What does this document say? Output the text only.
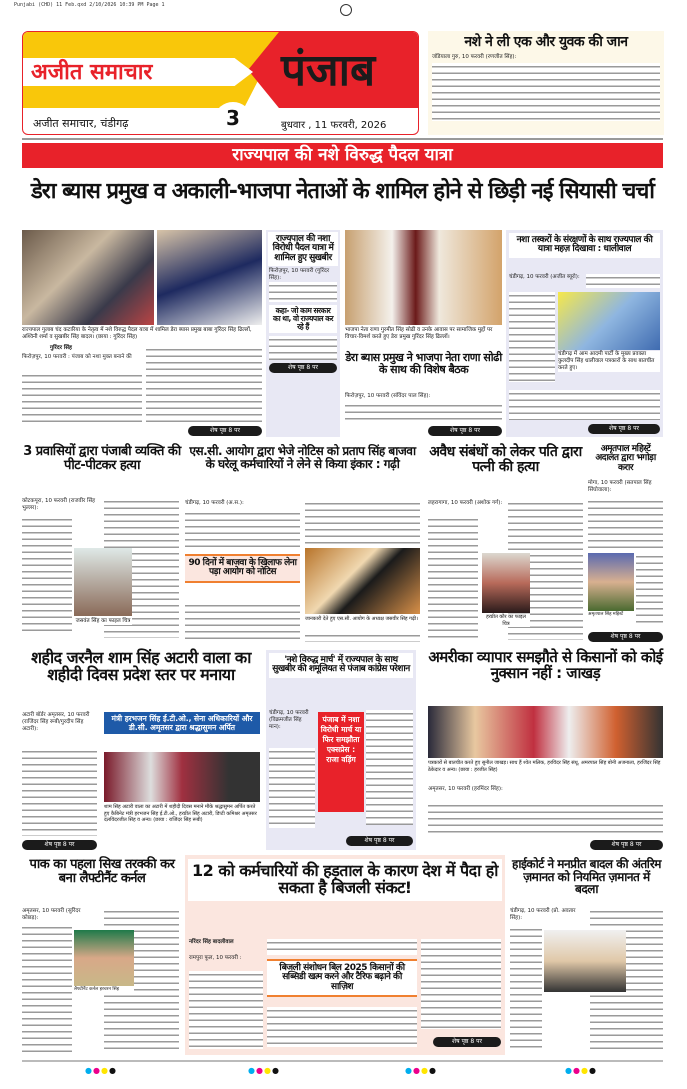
Punjabi (CHD) 11 Feb.qxd 2/10/2026 10:39 PM Page 1
अजीत समाचार	पंजाब
अजीत समाचार, चंडीगढ़	3	बुधवार , 11 फरवरी, 2026
नशे ने ली एक और युवक की जान
जंडियाला गुरु, 10 फरवरी (रणजीत सिंह):
राज्यपाल की नशे विरुद्ध पैदल यात्रा
डेरा ब्यास प्रमुख व अकाली-भाजपा नेताओं के शामिल होने से छिड़ी नई सियासी चर्चा
राज्यपाल गुलाब चंद कटारिया के नेतृत्व में नशे विरुद्ध पैदल यात्रा में शामिल डेरा ब्यास प्रमुख बाबा गुरिंदर सिंह ढिल्लों, अश्विनी शर्मा व सुखबीर सिंह बादल। (छाया : गुरिंदर सिंह)
गुरिंदर सिंह
फिरोज़पुर, 10 फरवरी : पंजाब को नशा मुक्त बनाने की
शेष पृष्ठ 8 पर
राज्यपाल की नशा विरोधी पैदल यात्रा में शामिल हुए सुखबीर
फिरोज़पुर, 10 फरवरी (गुरिंदर सिंह):
कहा- जो काम सरकार का था, वो राज्यपाल कर रहे हैं
शेष पृष्ठ 8 पर
भाजपा नेता राणा गुरमीत सिंह सोढी व उनके आवास पर सामाजिक मुद्दों पर विचार-विमर्श करते हुए डेरा प्रमुख गुरिंदर सिंह ढिल्लों।
डेरा ब्यास प्रमुख ने भाजपा नेता राणा सोढी के साथ की विशेष बैठक
फिरोज़पुर, 10 फरवरी (संविंदर पाल सिंह):
शेष पृष्ठ 8 पर
नशा तस्करों के संरक्षणों के साथ राज्यपाल की यात्रा महज़ दिखावा : धालीवाल
चंडीगढ़, 10 फरवरी (अजीत ब्यूरो):
चंडीगढ़ में आम आदमी पार्टी के मुख्य प्रवक्ता कुलदीप सिंह धालीवाल पत्रकारों के साथ बातचीत करते हुए।
शेष पृष्ठ 8 पर
3 प्रवासियों द्वारा पंजाबी व्यक्ति की पीट-पीटकर हत्या
कोटकपूरा, 10 फरवरी (राजवीर सिंह भुल्लर):
जसवंत सिंह का फाइल चित्र
एस.सी. आयोग द्वारा भेजे नोटिस को प्रताप सिंह बाजवा के घरेलू कर्मचारियों ने लेने से किया इंकार : गढ़ी
चंडीगढ़, 10 फरवरी (अ.स.):
90 दिनों में बाजवा के खिलाफ लेना पड़ा आयोग को नोटिस
जानकारी देते हुए एस.सी. आयोग के अध्यक्ष जसवीर सिंह गढ़ी।
अवैध संबंधों को लेकर पति द्वारा पत्नी की हत्या
लहरागागा, 10 फरवरी (अशोक गर्ग):
हरप्रीत कौर का फाइल चित्र
अमृतपाल महिस्टें अदालत द्वारा भगोड़ा करार
मोगा, 10 फरवरी (सतपाल सिंह सिंघोवाला):
अमृतपाल सिंह महिस्टें
शेष पृष्ठ 8 पर
शहीद जरनैल शाम सिंह अटारी वाला का शहीदी दिवस प्रदेश स्तर पर मनाया
अटारी बॉर्डर अमृतसर, 10 फरवरी (राजिंदर सिंह रूबी/गुरदीप सिंह अटारी):
शेष पृष्ठ 8 पर
मंत्री हरभजन सिंह ई.टी.ओ., सेना अधिकारियों और डी.सी. अमृतसर द्वारा श्रद्धासुमन अर्पित
शाम सिंह अटारी वाला का अटारी में शहीदी दिवस मनाने मौके श्रद्धासुमन अर्पित करते हुए कैबिनेट मंत्री हरभजन सिंह ई.टी.ओ., हरप्रीत सिंह अटारी, डिप्टी कमिश्नर अमृतसर दलविंदरजीत सिंह व अन्य। (छाया : राजिंदर सिंह रूबी)
'नशे विरुद्ध मार्च' में राज्यपाल के साथ सुखबीर की शमूलियत से पंजाब कांग्रेस परेशान
चंडीगढ़, 10 फरवरी (विक्रमजीत सिंह मान):
पंजाब में नशा विरोधी मार्च या फिर समझौता एक्सप्रेस : राजा वड़िंग
शेष पृष्ठ 8 पर
अमरीका व्यापार समझौते से किसानों को कोई नुक्सान नहीं : जाखड़
पत्रकारों से बातचीत करते हुए सुनील जाखड़। साथ हैं श्वेत मलिक, हरविंदर सिंह संधू, अमरपाल सिंह बोनी अजनाला, हरजिंदर सिंह ठेकेदार व अन्य। (छाया : हरजीत सिंह)
अमृतसर, 10 फरवरी (हरमिंदर सिंह):
शेष पृष्ठ 8 पर
पाक का पहला सिख तरक्की कर बना लैफ्टीनैंट कर्नल
अमृतसर, 10 फरवरी (सुरिंदर कोछड़):
लैफ्टीनैंट कर्नल हरचरन सिंह
12 को कर्मचारियों की हड़ताल के कारण देश में पैदा हो सकता है बिजली संकट!
नरिंदर सिंह बादलीवाल
रामपुरा फूल, 10 फरवरी :
बिजली संशोधन बिल 2025 किसानों की सब्सिडी खत्म करने और टैरिफ बढ़ाने की साज़िश
शेष पृष्ठ 8 पर
हाईकोर्ट ने मनप्रीत बादल की अंतरिम ज़मानत को नियमित ज़मानत में बदला
चंडीगढ़, 10 फरवरी (प्रो. अवतार सिंह):
●●●●	●●●●	●●●●	●●●●
